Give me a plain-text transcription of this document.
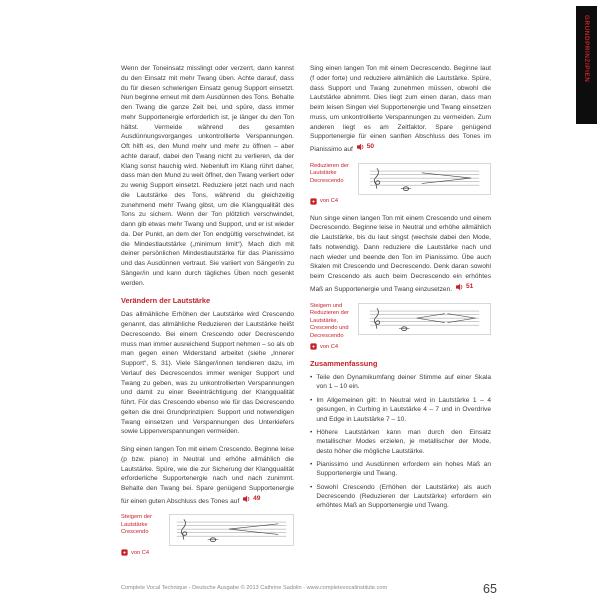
GRUNDPRINZIPIEN

Wenn der Toneinsatz misslingt oder verzerrt, dann kannst du den Einsatz mit mehr Twang üben. Achte darauf, dass du für diesen schwierigen Einsatz genug Support einsetzt. Nun beginne erneut mit dem Ausdünnen des Tons. Behalte den Twang die ganze Zeit bei, und spüre, dass immer mehr Supportenergie erforderlich ist, je länger du den Ton hältst. Vermeide während des gesamten Ausdünnungsvorganges unkontrollierte Verspannungen. Oft hilft es, den Mund mehr und mehr zu öffnen – aber achte darauf, dabei den Twang nicht zu verlieren, da der Klang sonst hauchig wird. Nebenluft im Klang rührt daher, dass man den Mund zu weit öffnet, den Twang verliert oder zu wenig Support einsetzt. Reduziere jetzt nach und nach die Lautstärke des Tons, während du gleichzeitig zunehmend mehr Twang gibst, um die Klangqualität des Tons zu sichern. Wenn der Ton plötzlich verschwindet, dann gib etwas mehr Twang und Support, und er ist wieder da. Der Punkt, an dem der Ton endgültig verschwindet, ist die Mindestlautstärke („minimum limit“). Mach dich mit deiner persönlichen Mindestlautstärke für das Pianissimo und das Ausdünnen vertraut. Sie variiert von Sänger/in zu Sänger/in und kann durch tägliches Üben noch gesenkt werden.

Verändern der Lautstärke

Das allmähliche Erhöhen der Lautstärke wird Crescendo genannt, das allmähliche Reduzieren der Lautstärke heißt Decrescendo. Bei einem Crescendo oder Decrescendo muss man immer ausreichend Support nehmen – so als ob man gegen einen Widerstand arbeitet (siehe „Innerer Support“, S. 31). Viele Sänger/innen tendieren dazu, im Verlauf des Decrescendos immer weniger Support und Twang zu geben, was zu unkontrollierten Verspannungen und damit zu einer Beeinträchtigung der Klangqualität führt. Für das Crescendo ebenso wie für das Decrescendo gelten die drei Grundprinzipien: Support und notwendigen Twang einsetzen und Verspannungen des Unterkiefers sowie Lippenverspannungen vermeiden.

Sing einen langen Ton mit einem Crescendo. Beginne leise (p bzw. piano) in Neutral und erhöhe allmählich die Lautstärke. Spüre, wie die zur Sicherung der Klangqualität erforderliche Supportenergie nach und nach zunimmt. Behalte den Twang bei. Spare genügend Supportenergie für einen guten Abschluss des Tones auf 49

Steigern der Lautstärke Crescendo
von C4

Sing einen langen Ton mit einem Decrescendo. Beginne laut (f oder forte) und reduziere allmählich die Lautstärke. Spüre, dass Support und Twang zunehmen müssen, obwohl die Lautstärke abnimmt. Dies liegt zum einen daran, dass man beim leisen Singen viel Supportenergie und Twang einsetzen muss, um unkontrollierte Verspannungen zu vermeiden. Zum anderen liegt es am Zeitfaktor. Spare genügend Supportenergie für einen sanften Abschluss des Tones im Pianissimo auf 50

Reduzieren der Lautstärke Decrescendo
von C4

Nun singe einen langen Ton mit einem Crescendo und einem Decrescendo. Beginne leise in Neutral und erhöhe allmählich die Lautstärke, bis du laut singst (wechsle dabei den Mode, falls notwendig). Dann reduziere die Lautstärke nach und nach wieder und beende den Ton im Pianissimo. Übe auch Skalen mit Crescendo und Decrescendo. Denk daran sowohl beim Crescendo als auch beim Decrescendo ein erhöhtes Maß an Supportenergie und Twang einzusetzen. 51

Steigern und Reduzieren der Lautstärke, Crescendo und Decrescendo
von C4
Zusammenfassung
• Teile den Dynamikumfang deiner Stimme auf einer Skala von 1 – 10 ein.
• Im Allgemeinen gilt: In Neutral wird in Lautstärke 1 – 4 gesungen, in Curbing in Lautstärke 4 – 7 und in Overdrive und Edge in Lautstärke 7 – 10.
• Höhere Lautstärken kann man durch den Einsatz metallischer Modes erzielen, je metallischer der Mode, desto höher die mögliche Lautstärke.
• Pianissimo und Ausdünnen erfordern ein hohes Maß an Supportenergie und Twang.
• Sowohl Crescendo (Erhöhen der Lautstärke) als auch Decrescendo (Reduzieren der Lautstärke) erfordern ein erhöhtes Maß an Supportenergie und Twang.
Complete Vocal Technique - Deutsche Ausgabe © 2013 Cathrine Sadolin - www.completevocalinstitute.com	65
